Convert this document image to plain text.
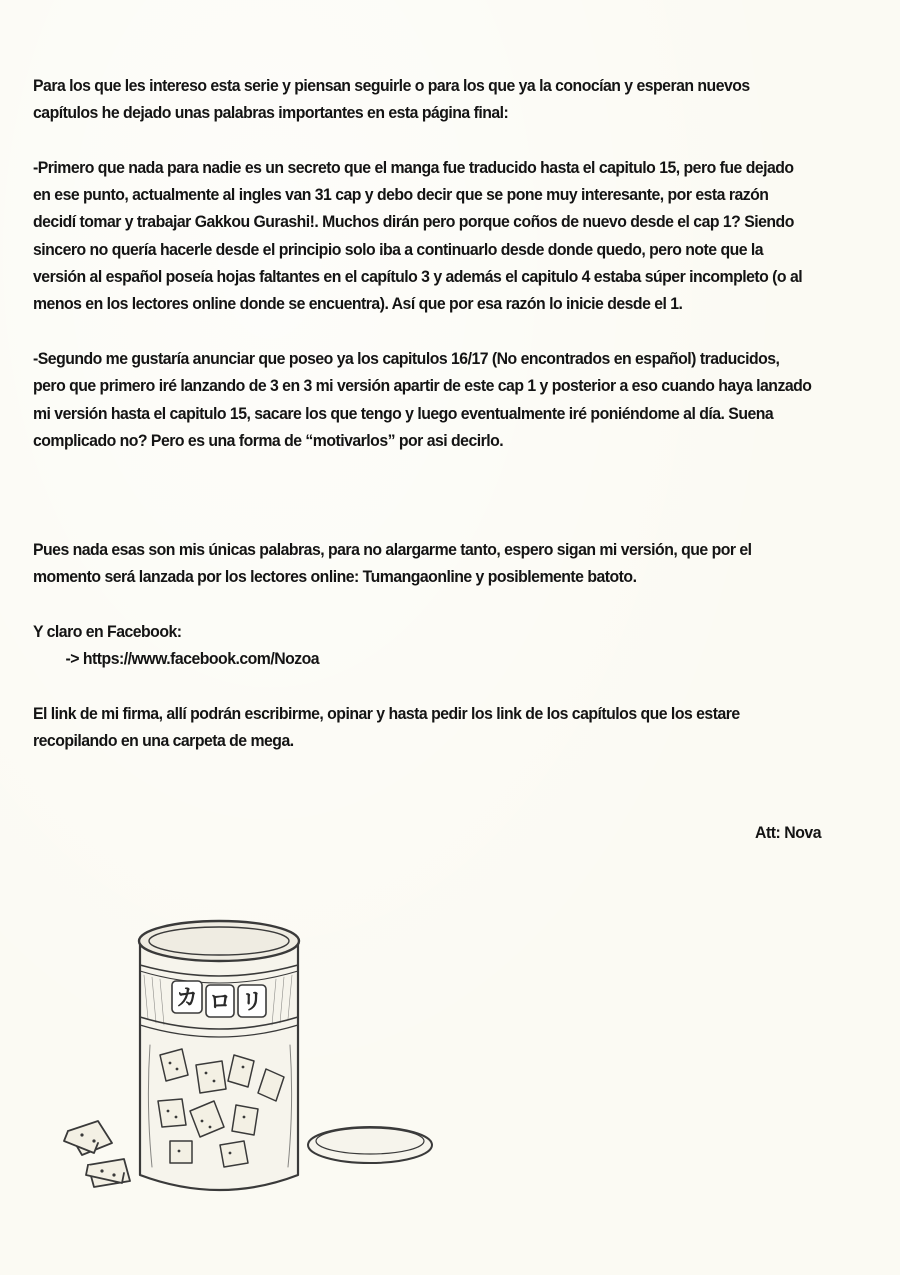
Para los que les intereso esta serie y piensan seguirle o para los que ya la conocían y esperan nuevos capítulos he dejado unas palabras importantes en esta página final:

-Primero que nada para nadie es un secreto que el manga fue traducido hasta el capitulo 15, pero fue dejado en ese punto, actualmente al ingles van 31 cap y debo decir que se pone muy interesante, por esta razón decidí tomar y trabajar Gakkou Gurashi!. Muchos dirán pero porque coños de nuevo desde el cap 1? Siendo sincero no quería hacerle desde el principio solo iba a continuarlo desde donde quedo, pero note que la versión al español poseía hojas faltantes en el capítulo 3 y además el capitulo 4 estaba súper incompleto (o al menos en los lectores online donde se encuentra). Así que por esa razón lo inicie desde el 1.

-Segundo me gustaría anunciar que poseo ya los capitulos 16/17 (No encontrados en español) traducidos, pero que primero iré lanzando de 3 en 3 mi versión apartir de este cap 1 y posterior a eso cuando haya lanzado mi versión hasta el capitulo 15, sacare los que tengo y luego eventualmente iré poniéndome al día. Suena complicado no? Pero es una forma de “motivarlos” por asi decirlo.

Pues nada esas son mis únicas palabras, para no alargarme tanto, espero sigan mi versión, que por el momento será lanzada por los lectores online: Tumangaonline y posiblemente batoto.

Y claro en Facebook:
-> https://www.facebook.com/Nozoa

El link de mi firma, allí podrán escribirme, opinar y hasta pedir los link de los capítulos que los estare recopilando en una carpeta de mega.

Att: Nova
カ ロ リ
